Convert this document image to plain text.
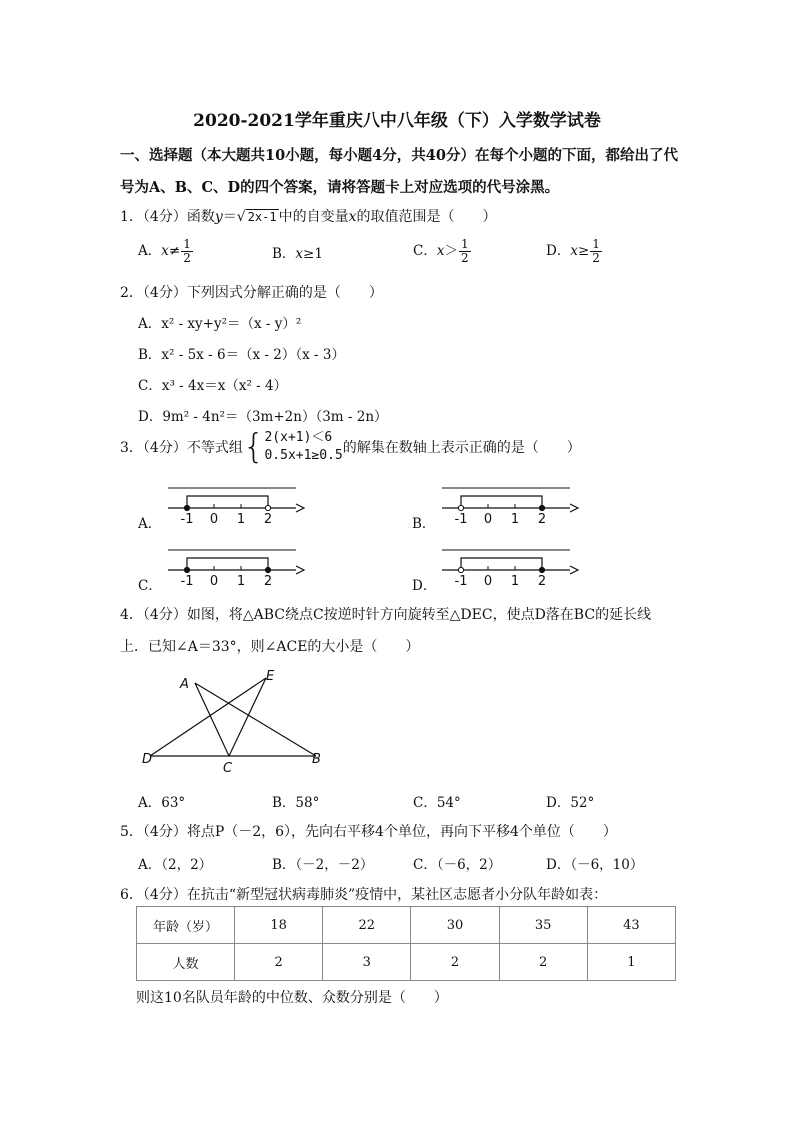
2020-2021学年重庆八中八年级（下）入学数学试卷
一、选择题（本大题共10小题，每小题4分，共40分）在每个小题的下面，都给出了代
号为A、B、C、D的四个答案，请将答题卡上对应选项的代号涂黑。
1．（4分）函数y＝√ 2x-1 中的自变量x的取值范围是（　　）
A．$x\ne \frac{1}{2}$	B．x≥1	C．$x> \frac{1}{2}$	D．$x\ge \frac{1}{2}$
2．（4分）下列因式分解正确的是（　　）
A．x² - xy+y²＝（x - y）²
B．x² - 5x - 6＝（x - 2）（x - 3）
C．x³ - 4x＝x（x² - 4）
D．9m² - 4n²＝（3m+2n）（3m - 2n）
3．（4分）不等式组{ 2(x+1)＜6
0.5x+1≥0.5 的解集在数轴上表示正确的是（　　）
A．	B．
C．	D．
-1 0 1 2	-1 0 1 2
-1 0 1 2	-1 0 1 2
4．（4分）如图，将△ABC绕点C按逆时针方向旋转至△DEC，使点D落在BC的延长线
上．已知∠A＝33°，则∠ACE的大小是（　　）
A
E
D
C
B
A．63°	B．58°	C．54°	D．52°
5．（4分）将点P（－2，6），先向右平移4个单位，再向下平移4个单位（　　）
A．（2，2）	B．（－2，－2）	C．（－6，2）	D．（－6，10）
6．（4分）在抗击“新型冠状病毒肺炎”疫情中，某社区志愿者小分队年龄如表：
年龄（岁）	18	22	30	35	43
人数	2	3	2	2	1
则这10名队员年龄的中位数、众数分别是（　　）
